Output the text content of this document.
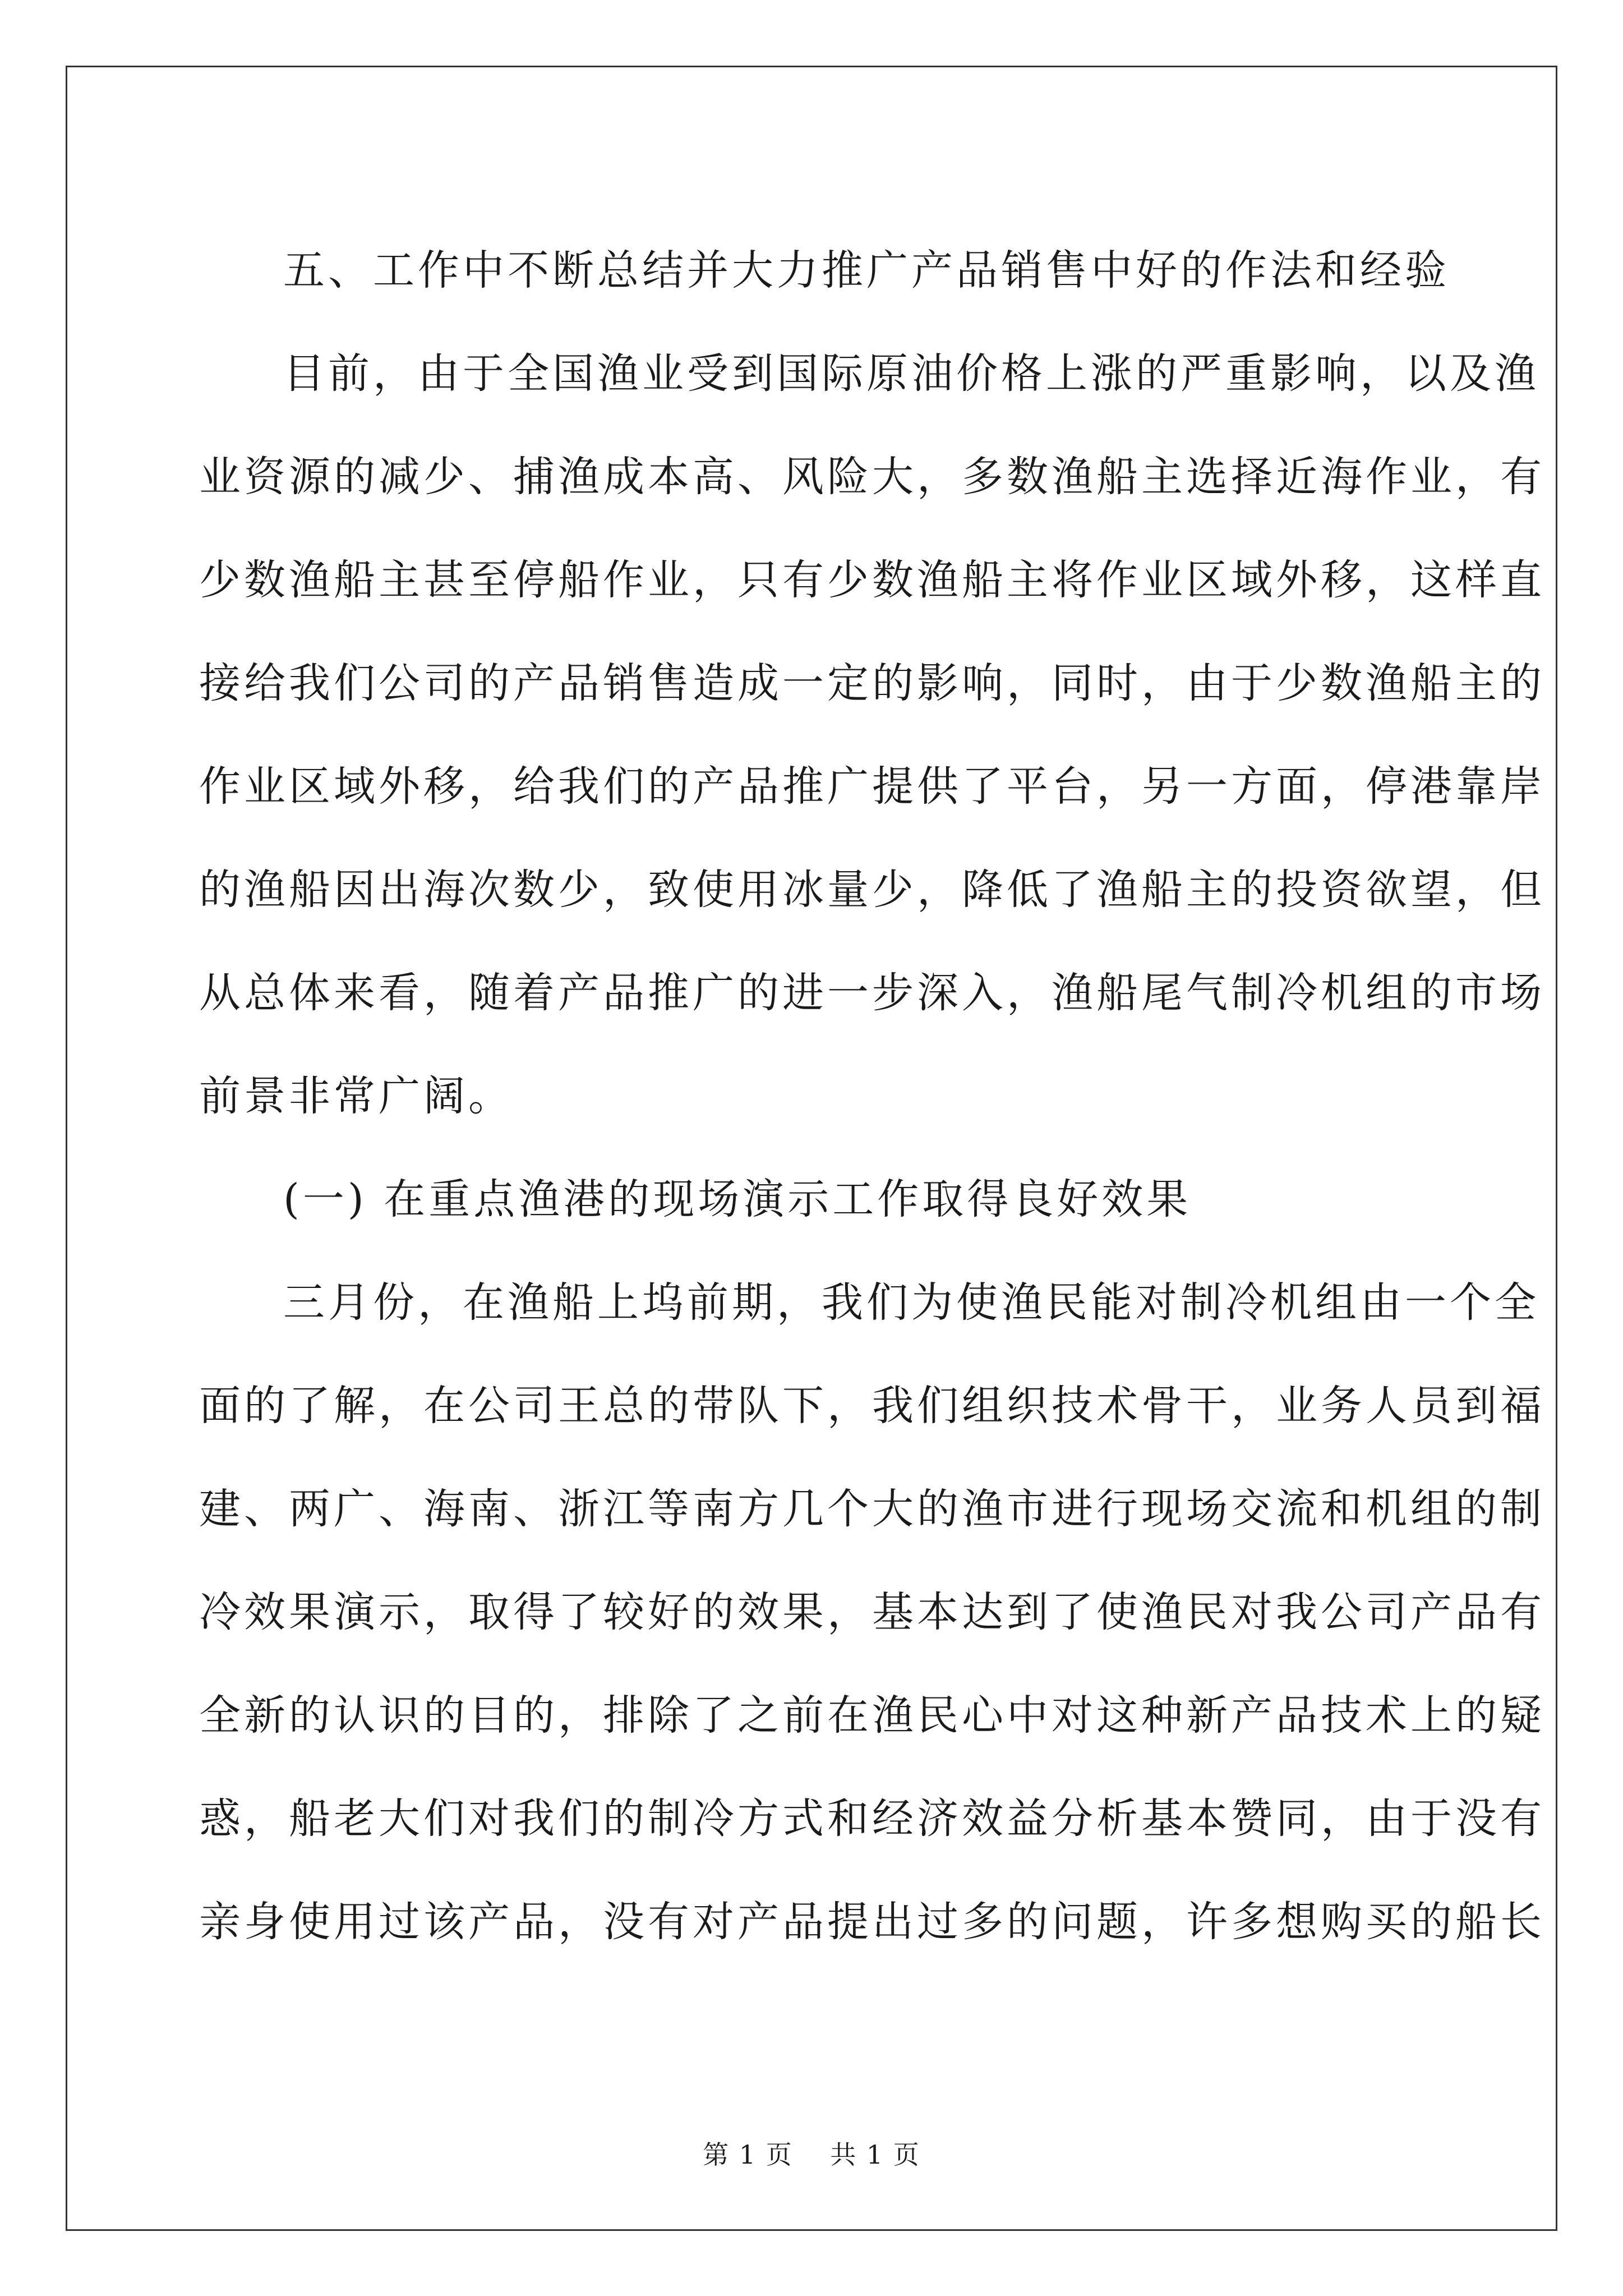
五、工作中不断总结并大力推广产品销售中好的作法和经验

目前，由于全国渔业受到国际原油价格上涨的严重影响，以及渔
业资源的减少、捕渔成本高、风险大，多数渔船主选择近海作业，有
少数渔船主甚至停船作业，只有少数渔船主将作业区域外移，这样直
接给我们公司的产品销售造成一定的影响，同时，由于少数渔船主的
作业区域外移，给我们的产品推广提供了平台，另一方面，停港靠岸
的渔船因出海次数少，致使用冰量少，降低了渔船主的投资欲望，但
从总体来看，随着产品推广的进一步深入，渔船尾气制冷机组的市场
前景非常广阔。

(一) 在重点渔港的现场演示工作取得良好效果

三月份，在渔船上坞前期，我们为使渔民能对制冷机组由一个全
面的了解，在公司王总的带队下，我们组织技术骨干，业务人员到福
建、两广、海南、浙江等南方几个大的渔市进行现场交流和机组的制
冷效果演示，取得了较好的效果，基本达到了使渔民对我公司产品有
全新的认识的目的，排除了之前在渔民心中对这种新产品技术上的疑
惑，船老大们对我们的制冷方式和经济效益分析基本赞同，由于没有
亲身使用过该产品，没有对产品提出过多的问题，许多想购买的船长

第 1 页    共 1 页
